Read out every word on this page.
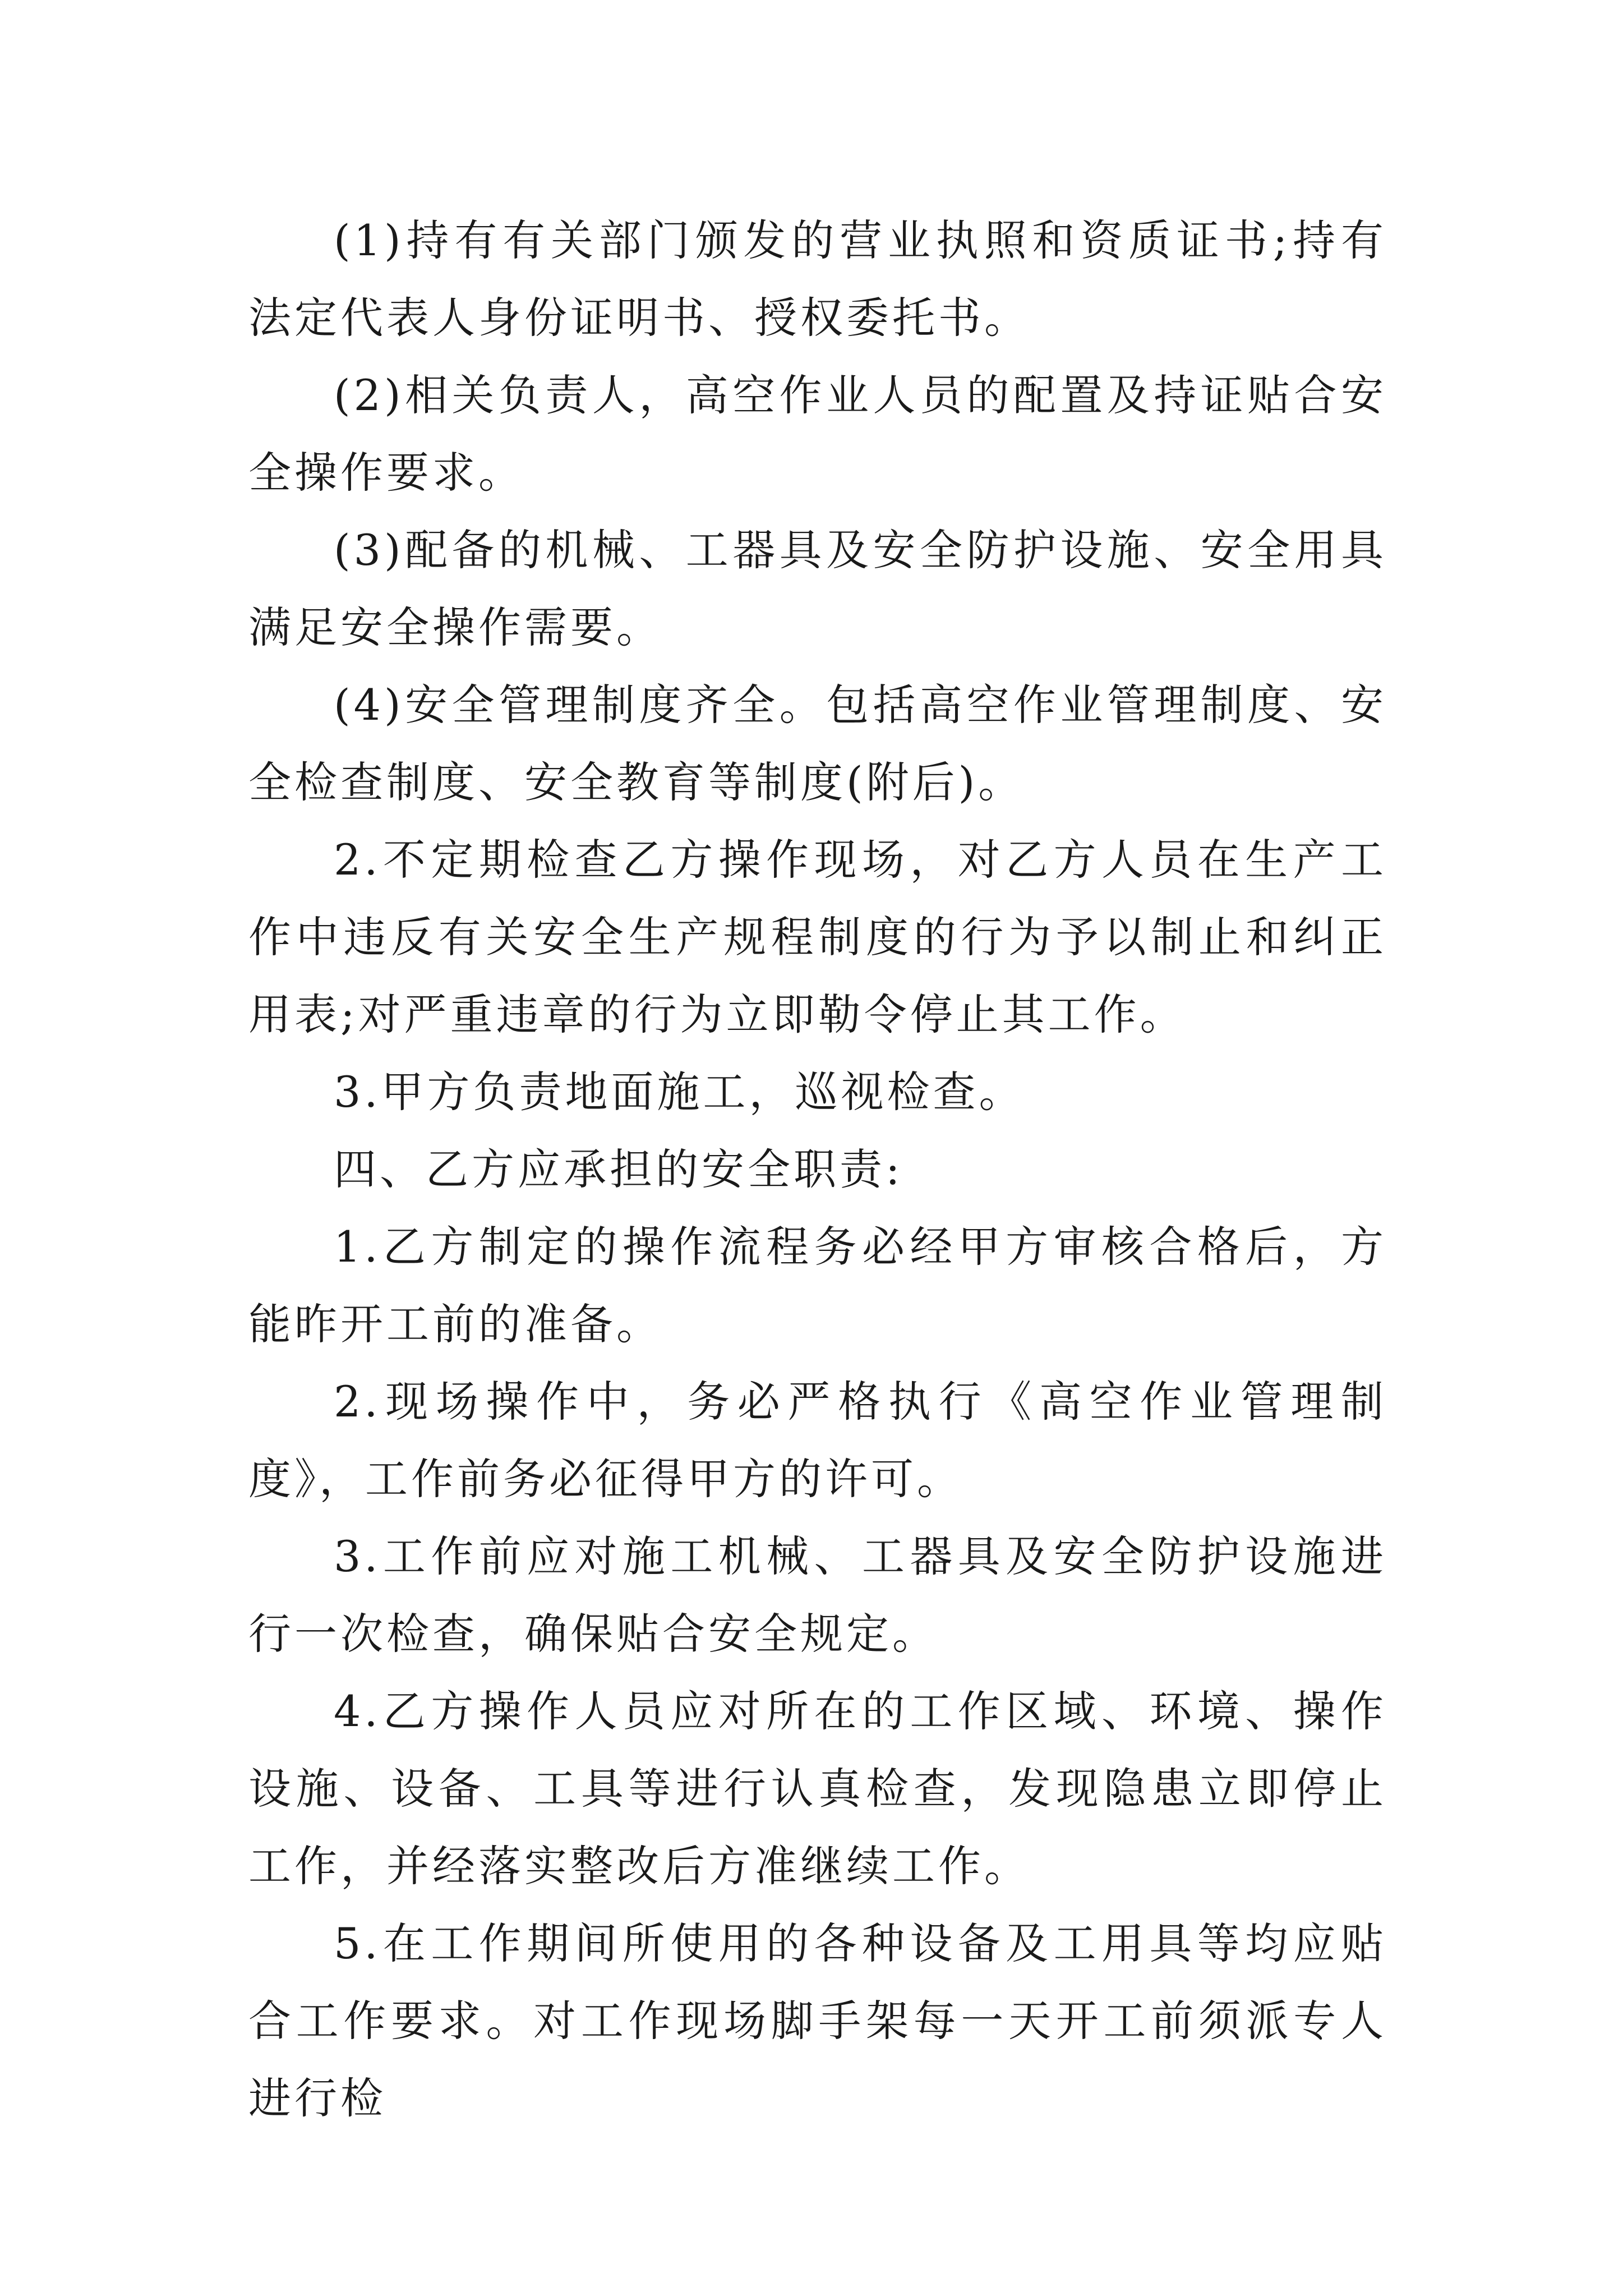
(1)持有有关部门颁发的营业执照和资质证书;持有法定代表人身份证明书、授权委托书。

(2)相关负责人，高空作业人员的配置及持证贴合安全操作要求。

(3)配备的机械、工器具及安全防护设施、安全用具满足安全操作需要。

(4)安全管理制度齐全。包括高空作业管理制度、安全检查制度、安全教育等制度(附后)。

2.不定期检查乙方操作现场，对乙方人员在生产工作中违反有关安全生产规程制度的行为予以制止和纠正用表;对严重违章的行为立即勒令停止其工作。

3.甲方负责地面施工，巡视检查。

四、乙方应承担的安全职责:

1.乙方制定的操作流程务必经甲方审核合格后，方能昨开工前的准备。

2.现场操作中，务必严格执行《高空作业管理制度》，工作前务必征得甲方的许可。

3.工作前应对施工机械、工器具及安全防护设施进行一次检查，确保贴合安全规定。

4.乙方操作人员应对所在的工作区域、环境、操作设施、设备、工具等进行认真检查，发现隐患立即停止工作，并经落实整改后方准继续工作。

5.在工作期间所使用的各种设备及工用具等均应贴合工作要求。对工作现场脚手架每一天开工前须派专人进行检
